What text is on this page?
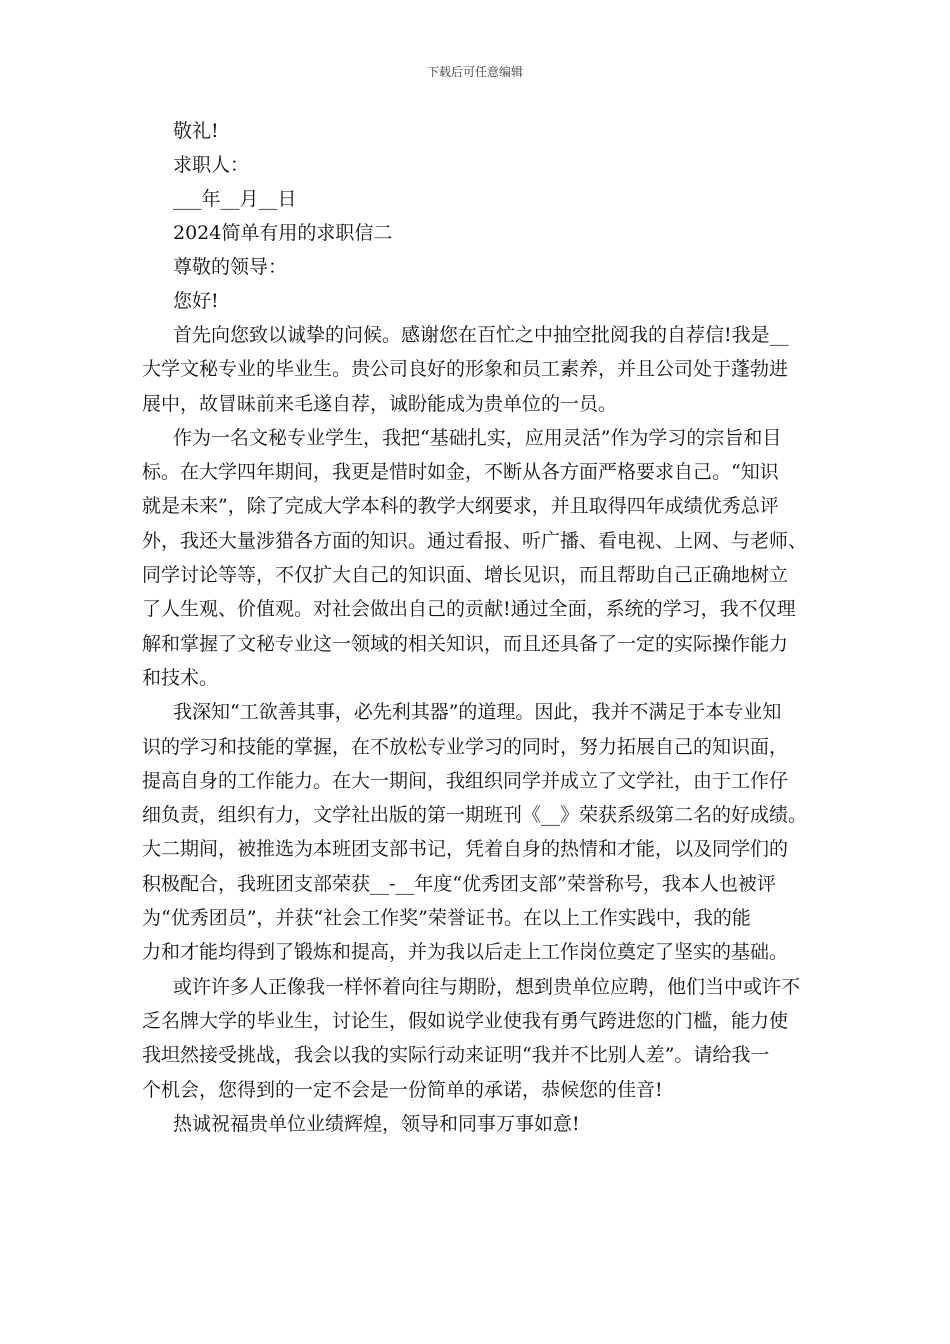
下载后可任意编辑

敬礼!

求职人：

___年__月__日

2024简单有用的求职信二

尊敬的领导：

您好!

首先向您致以诚挚的问候。感谢您在百忙之中抽空批阅我的自荐信!我是__
大学文秘专业的毕业生。贵公司良好的形象和员工素养，并且公司处于蓬勃进
展中，故冒昧前来毛遂自荐，诚盼能成为贵单位的一员。

作为一名文秘专业学生，我把“基础扎实，应用灵活”作为学习的宗旨和目
标。在大学四年期间，我更是惜时如金，不断从各方面严格要求自己。“知识
就是未来”，除了完成大学本科的教学大纲要求，并且取得四年成绩优秀总评
外，我还大量涉猎各方面的知识。通过看报、听广播、看电视、上网、与老师、
同学讨论等等，不仅扩大自己的知识面、增长见识，而且帮助自己正确地树立
了人生观、价值观。对社会做出自己的贡献!通过全面，系统的学习，我不仅理
解和掌握了文秘专业这一领域的相关知识，而且还具备了一定的实际操作能力
和技术。

我深知“工欲善其事，必先利其器”的道理。因此，我并不满足于本专业知
识的学习和技能的掌握，在不放松专业学习的同时，努力拓展自己的知识面，
提高自身的工作能力。在大一期间，我组织同学并成立了文学社，由于工作仔
细负责，组织有力，文学社出版的第一期班刊《__》荣获系级第二名的好成绩。
大二期间，被推选为本班团支部书记，凭着自身的热情和才能，以及同学们的
积极配合，我班团支部荣获__-__年度“优秀团支部”荣誉称号，我本人也被评
为“优秀团员”，并获“社会工作奖”荣誉证书。在以上工作实践中，我的能
力和才能均得到了锻炼和提高，并为我以后走上工作岗位奠定了坚实的基础。

或许许多人正像我一样怀着向往与期盼，想到贵单位应聘，他们当中或许不
乏名牌大学的毕业生，讨论生，假如说学业使我有勇气跨进您的门槛，能力使
我坦然接受挑战，我会以我的实际行动来证明“我并不比别人差”。请给我一
个机会，您得到的一定不会是一份简单的承诺，恭候您的佳音!

热诚祝福贵单位业绩辉煌，领导和同事万事如意!
